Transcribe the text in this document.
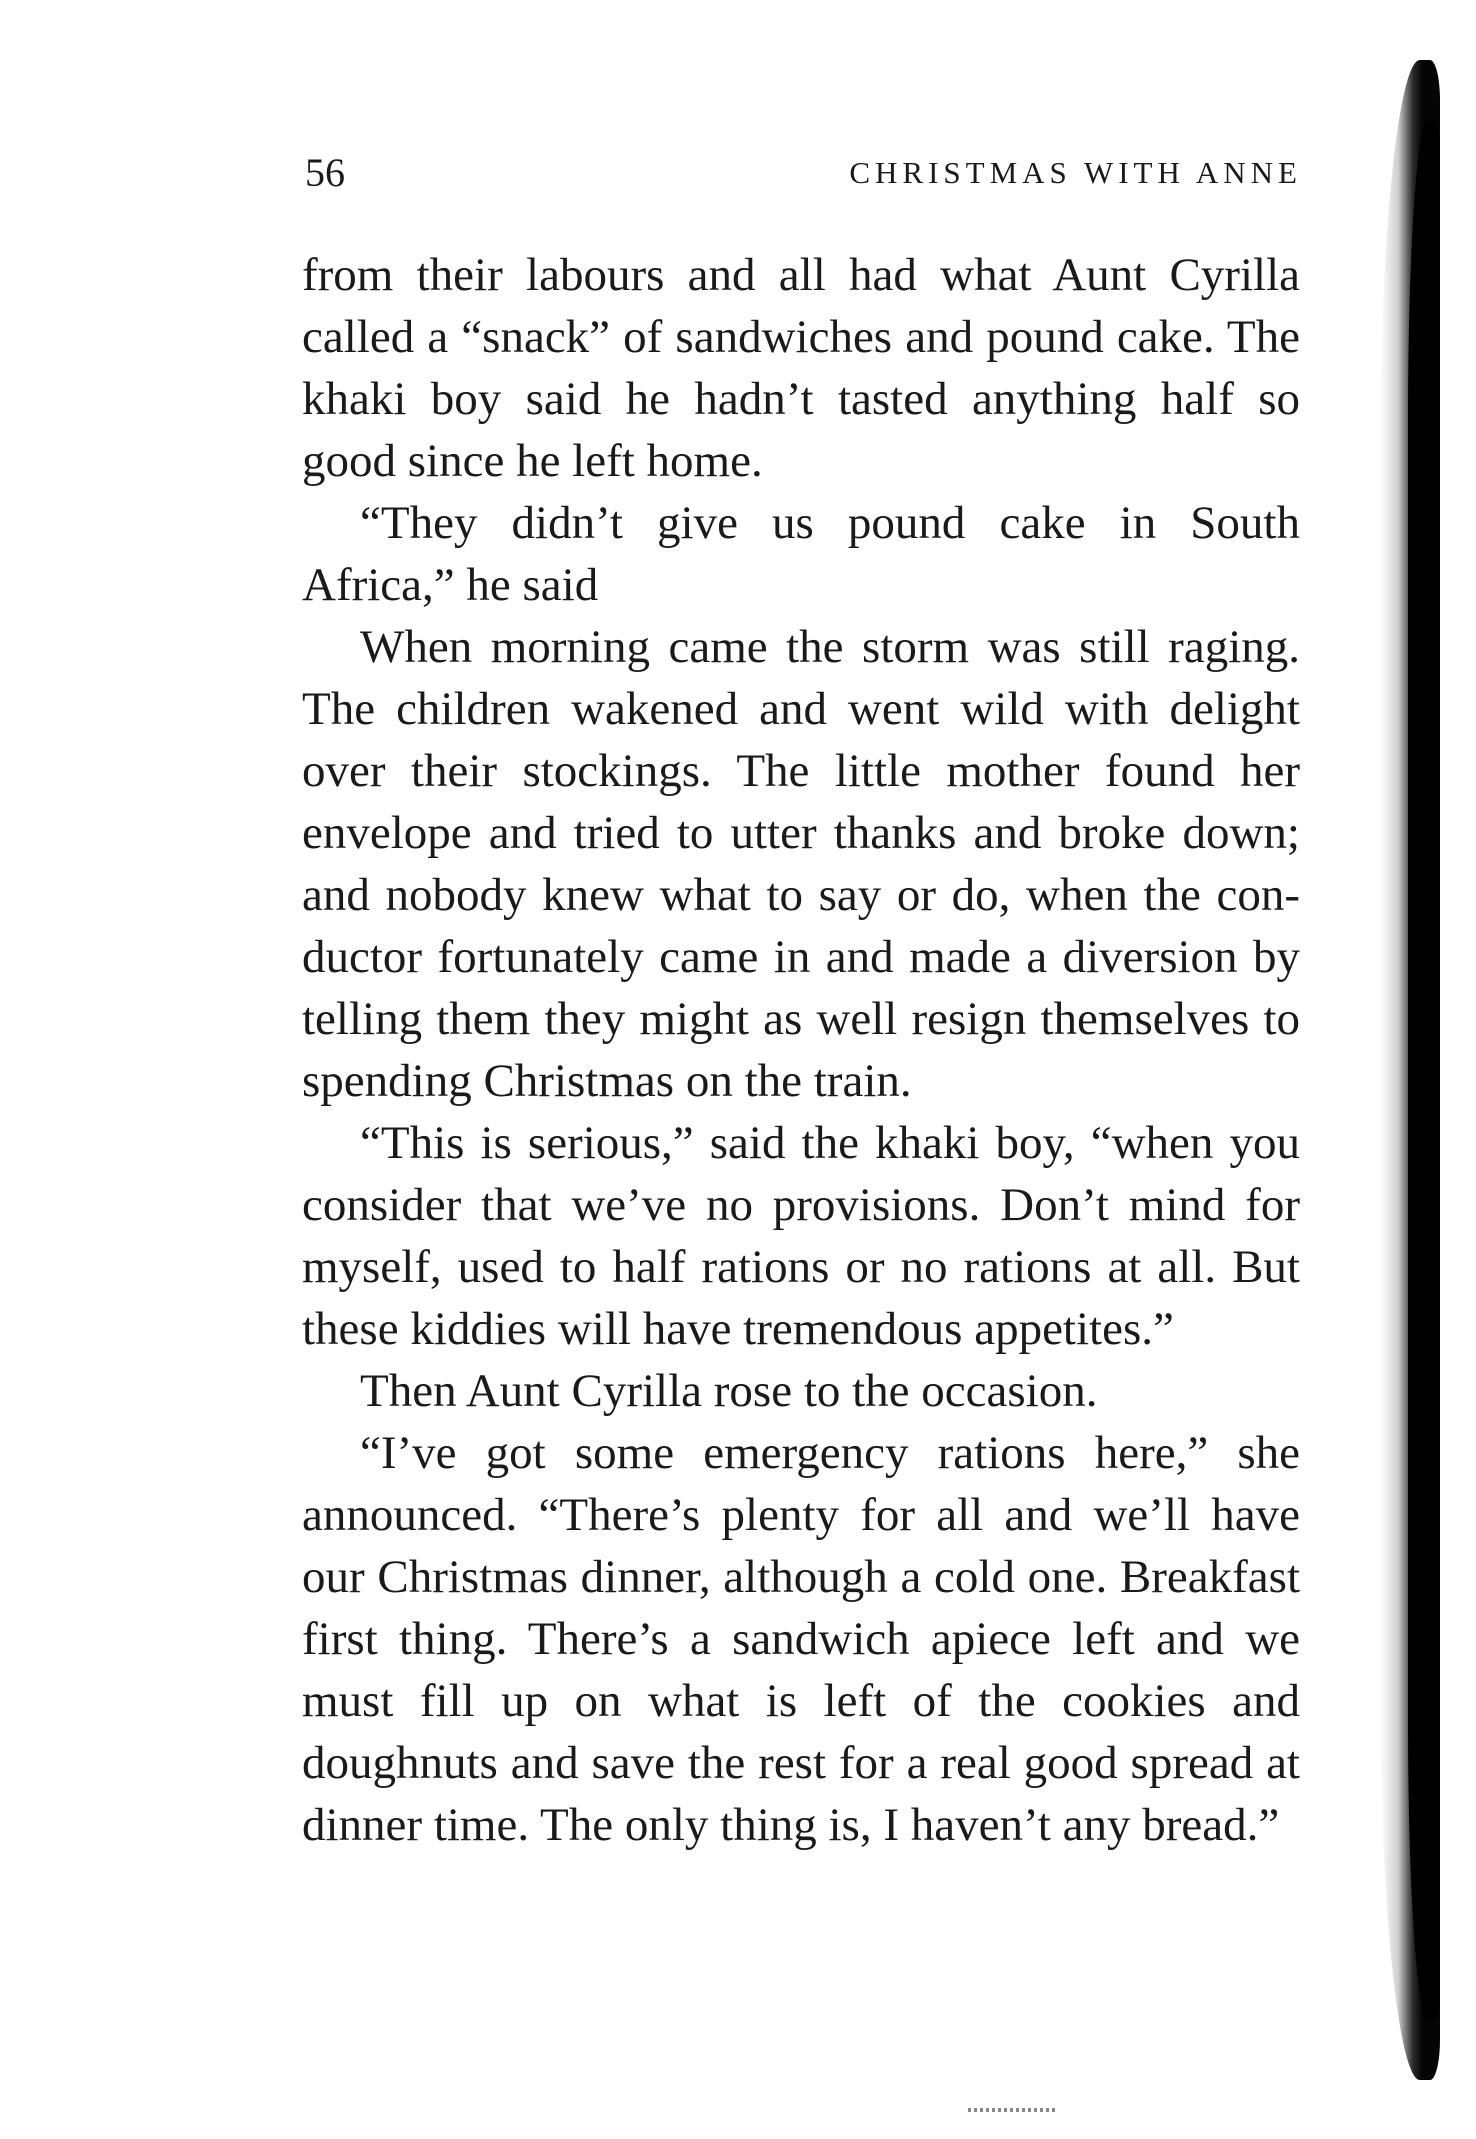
56	CHRISTMAS WITH ANNE

from their labours and all had what Aunt Cyrilla called a “snack” of sandwiches and pound cake. The khaki boy said he hadn’t tasted anything half so good since he left home.

“They didn’t give us pound cake in South Africa,” he said

When morning came the storm was still raging. The children wakened and went wild with delight over their stockings. The little mother found her envelope and tried to utter thanks and broke down; and nobody knew what to say or do, when the conductor fortunately came in and made a diversion by telling them they might as well resign themselves to spending Christmas on the train.

“This is serious,” said the khaki boy, “when you consider that we’ve no provisions. Don’t mind for myself, used to half rations or no rations at all. But these kiddies will have tremendous appetites.”

Then Aunt Cyrilla rose to the occasion.

“I’ve got some emergency rations here,” she announced. “There’s plenty for all and we’ll have our Christmas dinner, although a cold one. Breakfast first thing. There’s a sandwich apiece left and we must fill up on what is left of the cookies and doughnuts and save the rest for a real good spread at dinner time. The only thing is, I haven’t any bread.”
